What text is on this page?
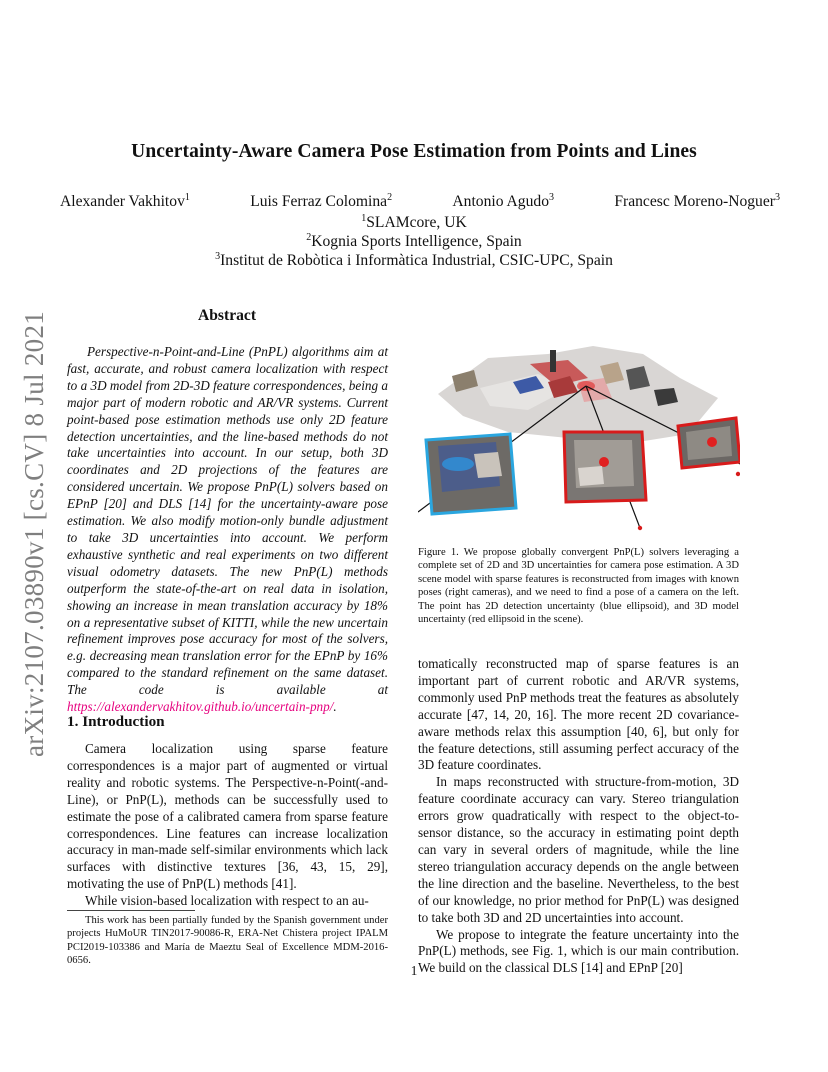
Uncertainty-Aware Camera Pose Estimation from Points and Lines
Alexander Vakhitov$^1$	Luis Ferraz Colomina$^2$	Antonio Agudo$^3$	Francesc Moreno-Noguer$^3$
$^1$SLAMcore, UK
$^2$Kognia Sports Intelligence, Spain
$^3$Institut de Robòtica i Informàtica Industrial, CSIC-UPC, Spain
arXiv:2107.03890v1 [cs.CV] 8 Jul 2021	Abstract

Perspective-n-Point-and-Line (PnPL) algorithms aim at fast, accurate, and robust camera localization with respect to a 3D model from 2D-3D feature correspondences, being a major part of modern robotic and AR/VR systems. Current point-based pose estimation methods use only 2D feature detection uncertainties, and the line-based methods do not take uncertainties into account. In our setup, both 3D coordinates and 2D projections of the features are considered uncertain. We propose PnP(L) solvers based on EPnP [20] and DLS [14] for the uncertainty-aware pose estimation. We also modify motion-only bundle adjustment to take 3D uncertainties into account. We perform exhaustive synthetic and real experiments on two different visual odometry datasets. The new PnP(L) methods outperform the state-of-the-art on real data in isolation, showing an increase in mean translation accuracy by 18% on a representative subset of KITTI, while the new uncertain refinement improves pose accuracy for most of the solvers, e.g. decreasing mean translation error for the EPnP by 16% compared to the standard refinement on the same dataset. The code is available at https://alexandervakhitov.github.io/uncertain-pnp/.

1. Introduction

Camera localization using sparse feature correspondences is a major part of augmented or virtual reality and robotic systems. The Perspective-n-Point(-and-Line), or PnP(L), methods can be successfully used to estimate the pose of a calibrated camera from sparse feature correspondences. Line features can increase localization accuracy in man-made self-similar environments which lack surfaces with distinctive textures [36, 43, 15, 29], motivating the use of PnP(L) methods [41].

While vision-based localization with respect to an au-

This work has been partially funded by the Spanish government under projects HuMoUR TIN2017-90086-R, ERA-Net Chistera project IPALM PCI2019-103386 and María de Maeztu Seal of Excellence MDM-2016-0656.

Figure 1. We propose globally convergent PnP(L) solvers leveraging a complete set of 2D and 3D uncertainties for camera pose estimation. A 3D scene model with sparse features is reconstructed from images with known poses (right cameras), and we need to find a pose of a camera on the left. The point has 2D detection uncertainty (blue ellipsoid), and 3D model uncertainty (red ellipsoid in the scene).

tomatically reconstructed map of sparse features is an important part of current robotic and AR/VR systems, commonly used PnP methods treat the features as absolutely accurate [47, 14, 20, 16]. The more recent 2D covariance-aware methods relax this assumption [40, 6], but only for the feature detections, still assuming perfect accuracy of the 3D feature coordinates.

In maps reconstructed with structure-from-motion, 3D feature coordinate accuracy can vary. Stereo triangulation errors grow quadratically with respect to the object-to-sensor distance, so the accuracy in estimating point depth can vary in several orders of magnitude, while the line stereo triangulation accuracy depends on the angle between the line direction and the baseline. Nevertheless, to the best of our knowledge, no prior method for PnP(L) was designed to take both 3D and 2D uncertainties into account.

We propose to integrate the feature uncertainty into the PnP(L) methods, see Fig. 1, which is our main contribution. We build on the classical DLS [14] and EPnP [20]

1
